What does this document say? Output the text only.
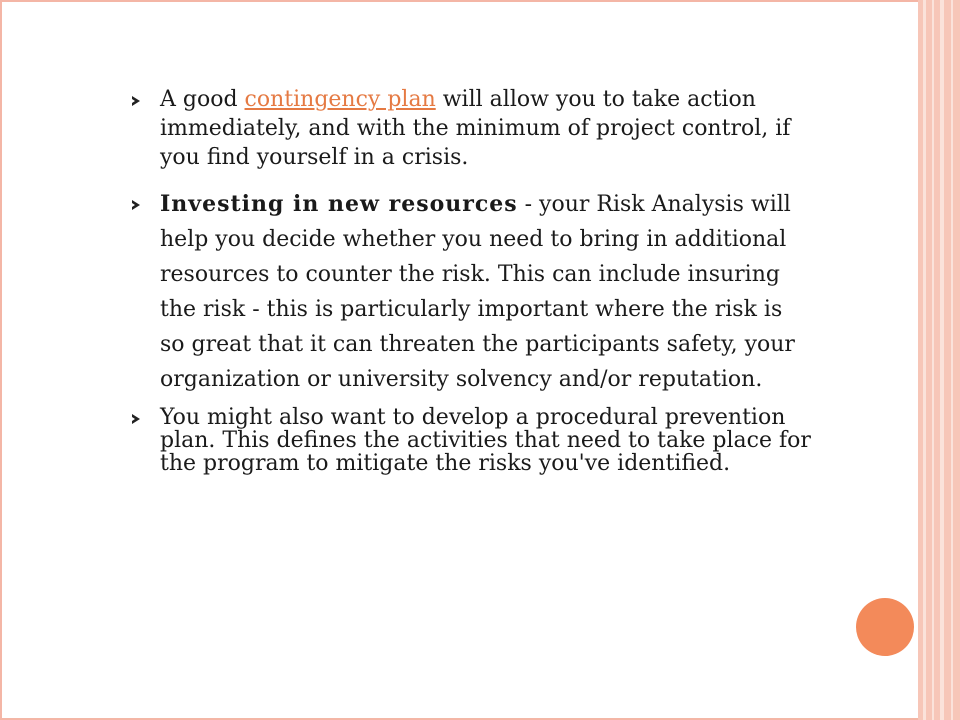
A good contingency plan will allow you to take action immediately, and with the minimum of project control, if you find yourself in a crisis.
Investing in new resources - your Risk Analysis will help you decide whether you need to bring in additional resources to counter the risk. This can include insuring the risk - this is particularly important where the risk is so great that it can threaten the participants safety, your organization or university solvency and/or reputation.
You might also want to develop a procedural prevention plan. This defines the activities that need to take place for the program to mitigate the risks you've identified.
